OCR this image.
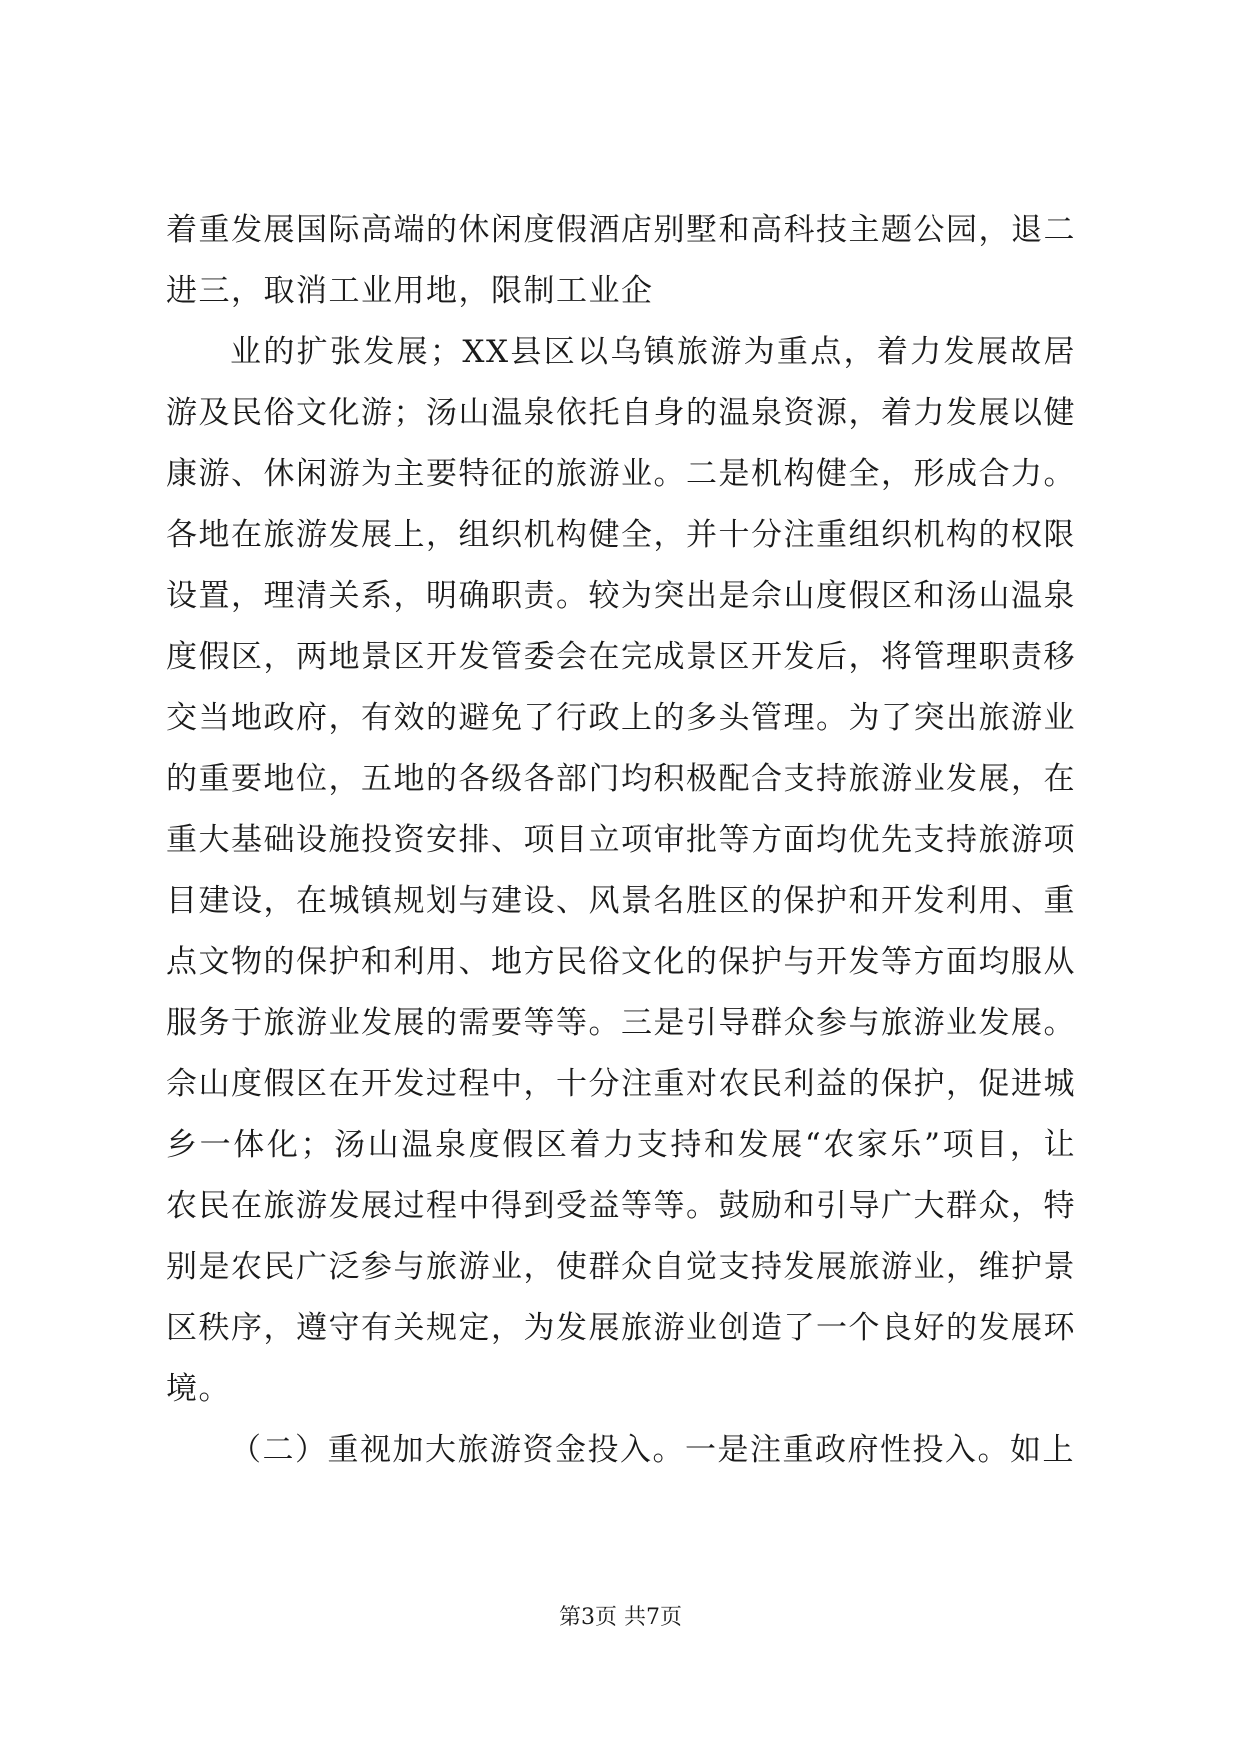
着重发展国际高端的休闲度假酒店别墅和高科技主题公园，退二进三，取消工业用地，限制工业企

业的扩张发展；XX县区以乌镇旅游为重点，着力发展故居游及民俗文化游；汤山温泉依托自身的温泉资源，着力发展以健康游、休闲游为主要特征的旅游业。二是机构健全，形成合力。各地在旅游发展上，组织机构健全，并十分注重组织机构的权限设置，理清关系，明确职责。较为突出是佘山度假区和汤山温泉度假区，两地景区开发管委会在完成景区开发后，将管理职责移交当地政府，有效的避免了行政上的多头管理。为了突出旅游业的重要地位，五地的各级各部门均积极配合支持旅游业发展，在重大基础设施投资安排、项目立项审批等方面均优先支持旅游项目建设，在城镇规划与建设、风景名胜区的保护和开发利用、重点文物的保护和利用、地方民俗文化的保护与开发等方面均服从服务于旅游业发展的需要等等。三是引导群众参与旅游业发展。佘山度假区在开发过程中，十分注重对农民利益的保护，促进城乡一体化；汤山温泉度假区着力支持和发展“农家乐”项目，让农民在旅游发展过程中得到受益等等。鼓励和引导广大群众，特别是农民广泛参与旅游业，使群众自觉支持发展旅游业，维护景区秩序，遵守有关规定，为发展旅游业创造了一个良好的发展环境。

（二）重视加大旅游资金投入。一是注重政府性投入。如上

第3页 共7页
